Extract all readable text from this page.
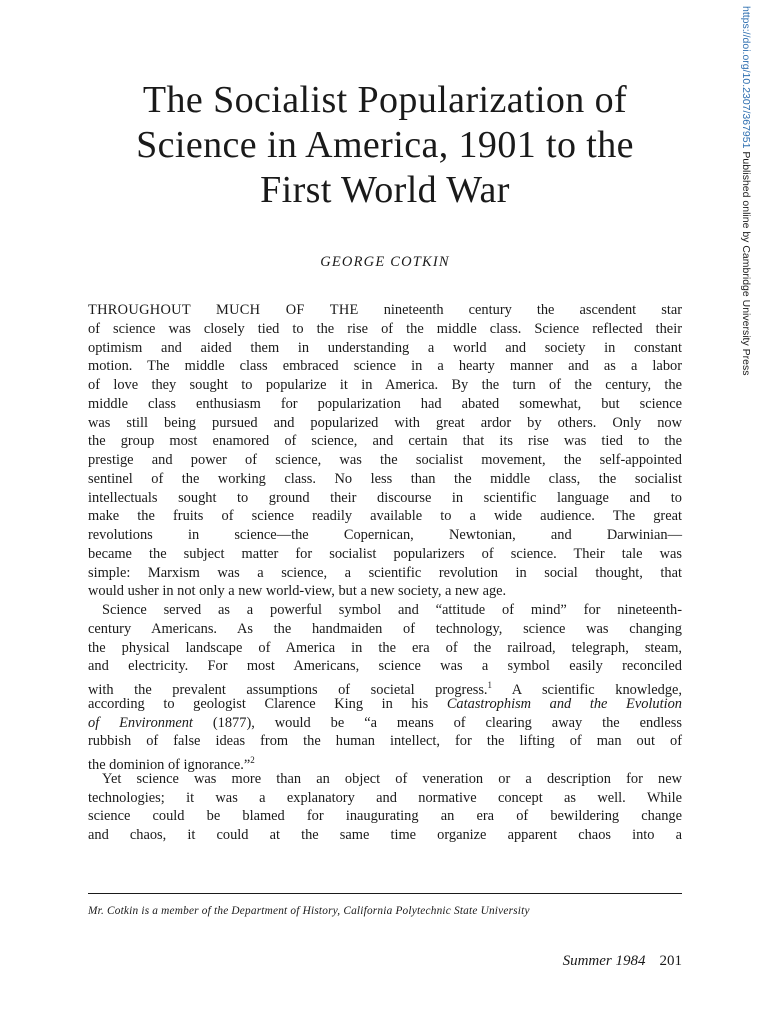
https://doi.org/10.2307/367951 Published online by Cambridge University Press
The Socialist Popularization of
Science in America, 1901 to the
First World War
GEORGE COTKIN
THROUGHOUT MUCH OF THE nineteenth century the ascendent star
of science was closely tied to the rise of the middle class. Science reflected their
optimism and aided them in understanding a world and society in constant
motion. The middle class embraced science in a hearty manner and as a labor
of love they sought to popularize it in America. By the turn of the century, the
middle class enthusiasm for popularization had abated somewhat, but science
was still being pursued and popularized with great ardor by others. Only now
the group most enamored of science, and certain that its rise was tied to the
prestige and power of science, was the socialist movement, the self-appointed
sentinel of the working class. No less than the middle class, the socialist
intellectuals sought to ground their discourse in scientific language and to
make the fruits of science readily available to a wide audience. The great
revolutions in science—the Copernican, Newtonian, and Darwinian—
became the subject matter for socialist popularizers of science. Their tale was
simple: Marxism was a science, a scientific revolution in social thought, that
would usher in not only a new world-view, but a new society, a new age.
Science served as a powerful symbol and “attitude of mind” for nineteenth-
century Americans. As the handmaiden of technology, science was changing
the physical landscape of America in the era of the railroad, telegraph, steam,
and electricity. For most Americans, science was a symbol easily reconciled
with the prevalent assumptions of societal progress.$^1$ A scientific knowledge,
according to geologist Clarence King in his Catastrophism and the Evolution
of Environment (1877), would be “a means of clearing away the endless
rubbish of false ideas from the human intellect, for the lifting of man out of
the dominion of ignorance.”$^2$
Yet science was more than an object of veneration or a description for new
technologies; it was a explanatory and normative concept as well. While
science could be blamed for inaugurating an era of bewildering change
and chaos, it could at the same time organize apparent chaos into a
Mr. Cotkin is a member of the Department of History, California Polytechnic State University
Summer 1984 201
